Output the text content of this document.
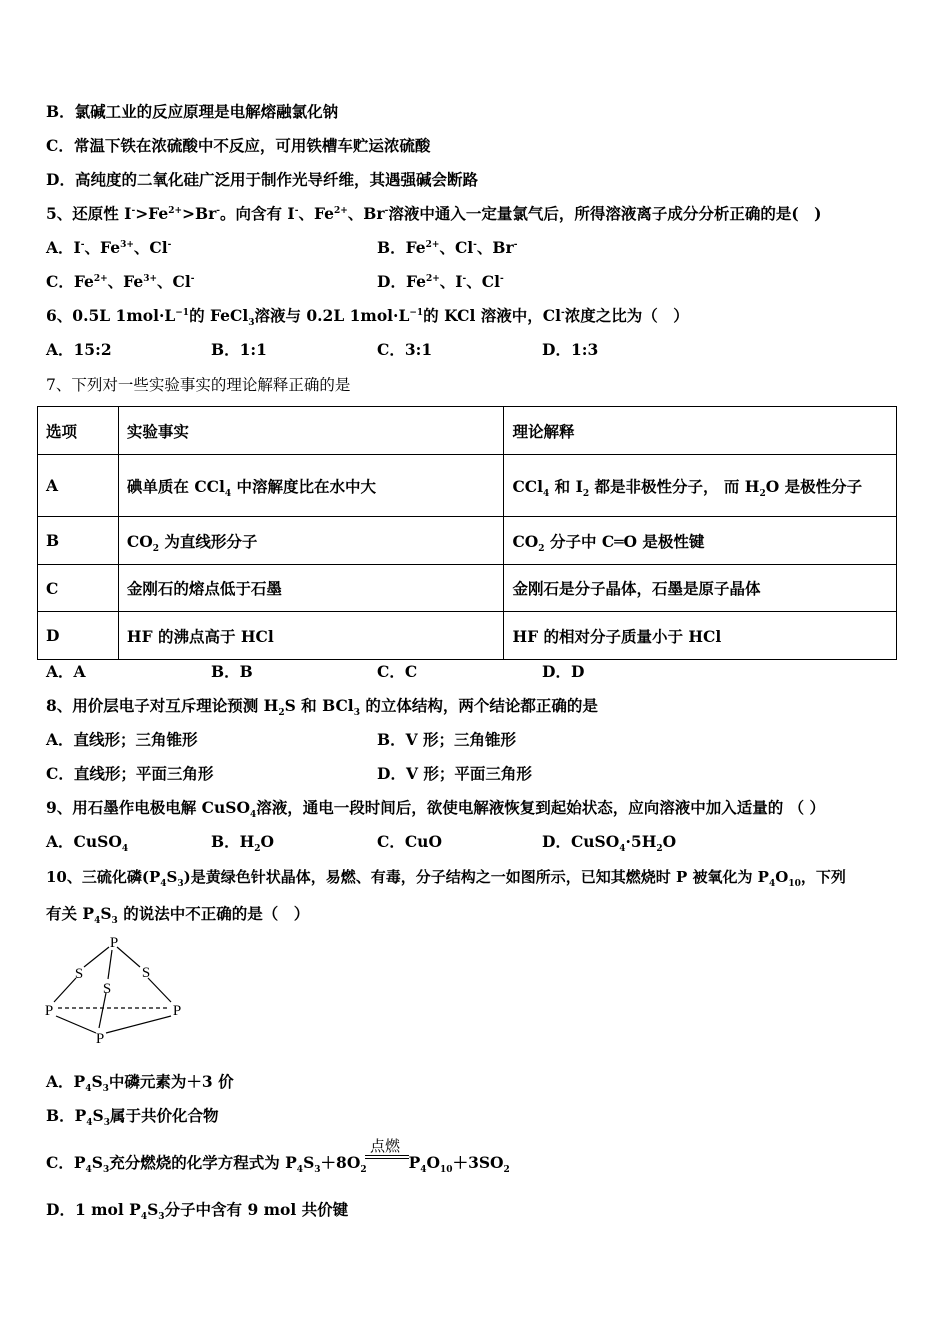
B．氯碱工业的反应原理是电解熔融氯化钠
C．常温下铁在浓硫酸中不反应，可用铁槽车贮运浓硫酸
D．高纯度的二氧化硅广泛用于制作光导纤维，其遇强碱会断路
5、还原性 $I^->Fe^{2+}>Br^-$。向含有 I-、$Fe^{2+}$、Br-溶液中通入一定量氯气后，所得溶液离子成分分析正确的是(　)
A．I-、$Fe^{3+}$、Cl-	B．$Fe^{2+}$、Cl-、Br-
C．$Fe^{2+}$、$Fe^{3+}$、Cl-	D．$Fe^{2+}$、I-、Cl-
6、0.5L $1mol\cdot L^{-1}$的 FeCl$_3$溶液与 0.2L $1mol\cdot L^{-1}$的 KCl 溶液中，Cl-浓度之比为（　）
A．15:2	B．1:1	C．3:1	D．1:3
7、下列对一些实验事实的理论解释正确的是
选项	实验事实	理论解释
A	碘单质在 CCl$_4$ 中溶解度比在水中大	CCl$_4$ 和 $I_2$ 都是非极性分子， 而 $H_2O$ 是极性分子
B	$CO_2$ 为直线形分子	$CO_2$ 分子中 C═O 是极性键
C	金刚石的熔点低于石墨	金刚石是分子晶体，石墨是原子晶体
D	HF 的沸点高于 HCl	HF 的相对分子质量小于 HCl
A．A	B．B	C．C	D．D
8、用价层电子对互斥理论预测 $H_2S$ 和 BCl$_3$ 的立体结构，两个结论都正确的是
A．直线形；三角锥形	B．V 形；三角锥形
C．直线形；平面三角形	D．V 形；平面三角形
9、用石墨作电极电解 CuSO$_4$溶液，通电一段时间后，欲使电解液恢复到起始状态，应向溶液中加入适量的 （ ）
A．CuSO$_4$	B．$H_2O$	C．CuO	D．$CuSO_4\cdot 5H_2O$
10、三硫化磷$(P_4S_3)$是黄绿色针状晶体，易燃、有毒，分子结构之一如图所示，已知其燃烧时 P 被氧化为 $P_4O_{10}$，下列
有关 $P_4S_3$ 的说法中不正确的是（　）
P
S	S
S
P	P
P
A．$P_4S_3$中磷元素为＋3 价
B．$P_4S_3$属于共价化合物
C．$P_4S_3$充分燃烧的化学方程式为 $P_4S_3+8O_2$	$P_4O_{10}+3SO_2$
点燃
D．1 mol $P_4S_3$分子中含有 9 mol 共价键
